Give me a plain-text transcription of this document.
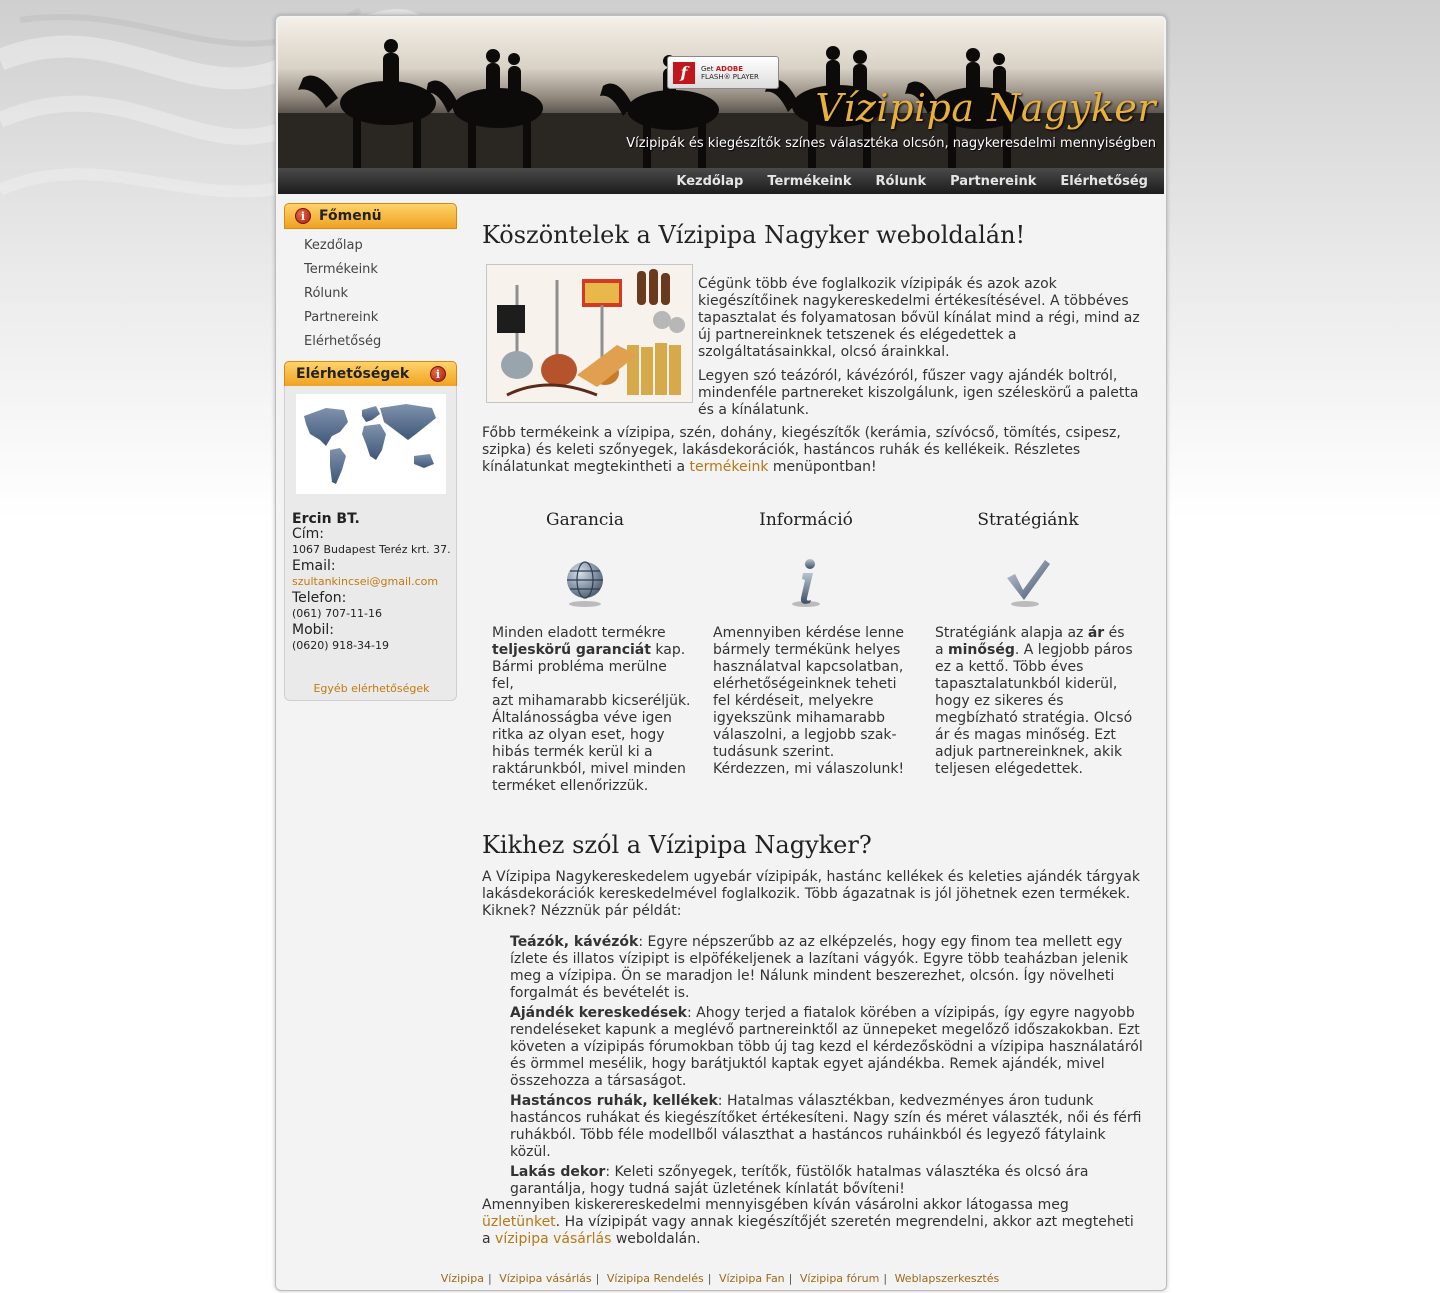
f	Get ADOBE
FLASH® PLAYER
Vízipipa Nagyker
Vízipipák és kiegészítők színes választéka olcsón, nagykeresdelmi mennyiségben
Kezdőlap	Termékeink	Rólunk	Partnereink	Elérhetőség
i Főmenü
Kezdőlap
Termékeink
Rólunk
Partnereink
Elérhetőség
Elérhetőségek	i
Ercin BT.
Cím:
1067 Budapest Teréz krt. 37.
Email:
szultankincsei@gmail.com
Telefon:
(061) 707-11-16
Mobil:
(0620) 918-34-19
Egyéb elérhetőségek
Köszöntelek a Vízipipa Nagyker weboldalán!

Cégünk több éve foglalkozik vízipipák és azok azok kiegészítőinek nagykereskedelmi értékesítésével. A többéves tapasztalat és folyamatosan bővül kínálat mind a régi, mind az új partnereinknek tetszenek és elégedettek a szolgáltatásainkkal, olcsó árainkkal.

Legyen szó teázóról, kávézóról, fűszer vagy ajándék boltról, mindenféle partnereket kiszolgálunk, igen széleskörű a paletta és a kínálatunk.

Főbb termékeink a vízipipa, szén, dohány, kiegészítők (kerámia, szívócső, tömítés, csipesz, szipka) és keleti szőnyegek, lakásdekorációk, hastáncos ruhák és kellékeik. Részletes kínálatunkat megtekintheti a termékeink menüpontban!

Garancia
Minden eladott termékre teljeskörű garanciát kap. Bármi probléma merülne fel,
azt mihamarabb kicseréljük. Általánosságba véve igen ritka az olyan eset, hogy hibás termék kerül ki a raktárunkból, mivel minden terméket ellenőrizzük.
Információ
Amennyiben kérdése lenne bármely termékünk helyes használatval kapcsolatban, elérhetőségeinknek teheti fel kérdéseit, melyekre igyekszünk mihamarabb válaszolni, a legjobb szak-tudásunk szerint. Kérdezzen, mi válaszolunk!
Stratégiánk
Stratégiánk alapja az ár és a minőség. A legjobb páros ez a kettő. Több éves tapasztalatunkból kiderül, hogy ez sikeres és megbízható stratégia. Olcsó ár és magas minőség. Ezt adjuk partnereinknek, akik teljesen elégedettek.
Kikhez szól a Vízipipa Nagyker?

A Vízipipa Nagykereskedelem ugyebár vízipipák, hastánc kellékek és keleties ajándék tárgyak lakásdekorációk kereskedelmével foglalkozik. Több ágazatnak is jól jöhetnek ezen termékek. Kiknek? Nézznük pár példát:

Teázók, kávézók: Egyre népszerűbb az az elképzelés, hogy egy finom tea mellett egy ízlete és illatos vízipipt is elpöfékeljenek a lazítani vágyók. Egyre több teaházban jelenik meg a vízipipa. Ön se maradjon le! Nálunk mindent beszerezhet, olcsón. Így növelheti forgalmát és bevételét is.
Ajándék kereskedések: Ahogy terjed a fiatalok körében a vízipipás, így egyre nagyobb rendeléseket kapunk a meglévő partnereinktől az ünnepeket megelőző időszakokban. Ezt követen a vízipipás fórumokban több új tag kezd el kérdezősködni a vízipipa használatáról és örmmel mesélik, hogy barátjuktól kaptak egyet ajándékba. Remek ajándék, mivel összehozza a társaságot.
Hastáncos ruhák, kellékek: Hatalmas választékban, kedvezményes áron tudunk hastáncos ruhákat és kiegészítőket értékesíteni. Nagy szín és méret választék, női és férfi ruhákból. Több féle modellből választhat a hastáncos ruháinkból és legyező fátylaink közül.
Lakás dekor: Keleti szőnyegek, terítők, füstölők hatalmas választéka és olcsó ára garantálja, hogy tudná saját üzletének kínlatát bővíteni!

Amennyiben kiskerereskedelmi mennyisgében kíván vásárolni akkor látogassa meg üzletünket. Ha vízipipát vagy annak kiegészítőjét szeretén megrendelni, akkor azt megteheti a vízipipa vásárlás weboldalán.

Vízipipa | Vízipipa vásárlás | Vízipipa Rendelés | Vízipipa Fan | Vízipipa fórum | Weblapszerkesztés
